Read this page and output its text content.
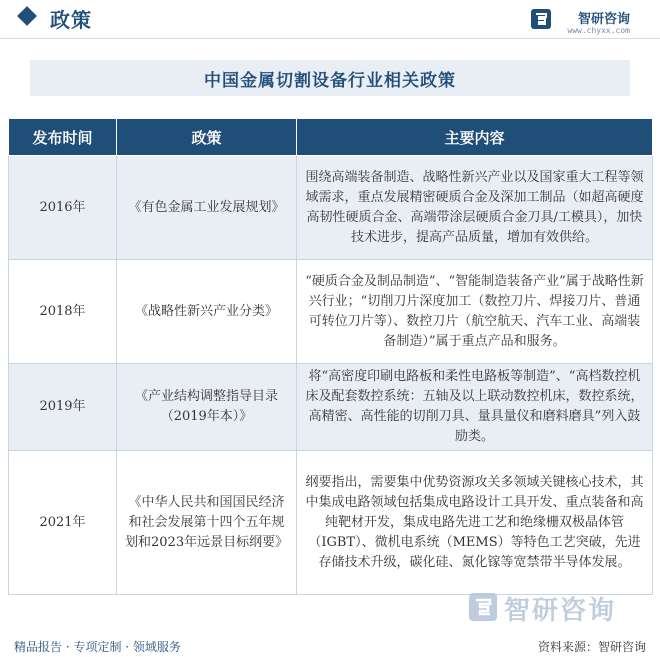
政策	智研咨询
www.chyxx.com
中国金属切割设备行业相关政策
发布时间	政策	主要内容
2016年	《有色金属工业发展规划》	围绕高端装备制造、战略性新兴产业以及国家重大工程等领域需求，重点发展精密硬质合金及深加工制品（如超高硬度高韧性硬质合金、高端带涂层硬质合金刀具/工模具），加快技术进步，提高产品质量，增加有效供给。
2018年	《战略性新兴产业分类》	“硬质合金及制品制造”、“智能制造装备产业”属于战略性新兴行业；“切削刀片深度加工（数控刀片、焊接刀片、普通可转位刀片等）、数控刀片（航空航天、汽车工业、高端装备制造）”属于重点产品和服务。
2019年	《产业结构调整指导目录（2019年本）》	将“高密度印刷电路板和柔性电路板等制造”、“高档数控机床及配套数控系统：五轴及以上联动数控机床，数控系统，高精密、高性能的切削刀具、量具量仪和磨料磨具”列入鼓励类。
2021年	《中华人民共和国国民经济和社会发展第十四个五年规划和2023年远景目标纲要》	纲要指出，需要集中优势资源攻关多领域关键核心技术，其中集成电路领域包括集成电路设计工具开发、重点装备和高纯靶材开发，集成电路先进工艺和绝缘栅双极晶体管（IGBT）、微机电系统（MEMS）等特色工艺突破，先进存储技术升级，碳化硅、氮化镓等宽禁带半导体发展。
智研咨询
精品报告 · 专项定制 · 领域服务	资料来源：智研咨询
